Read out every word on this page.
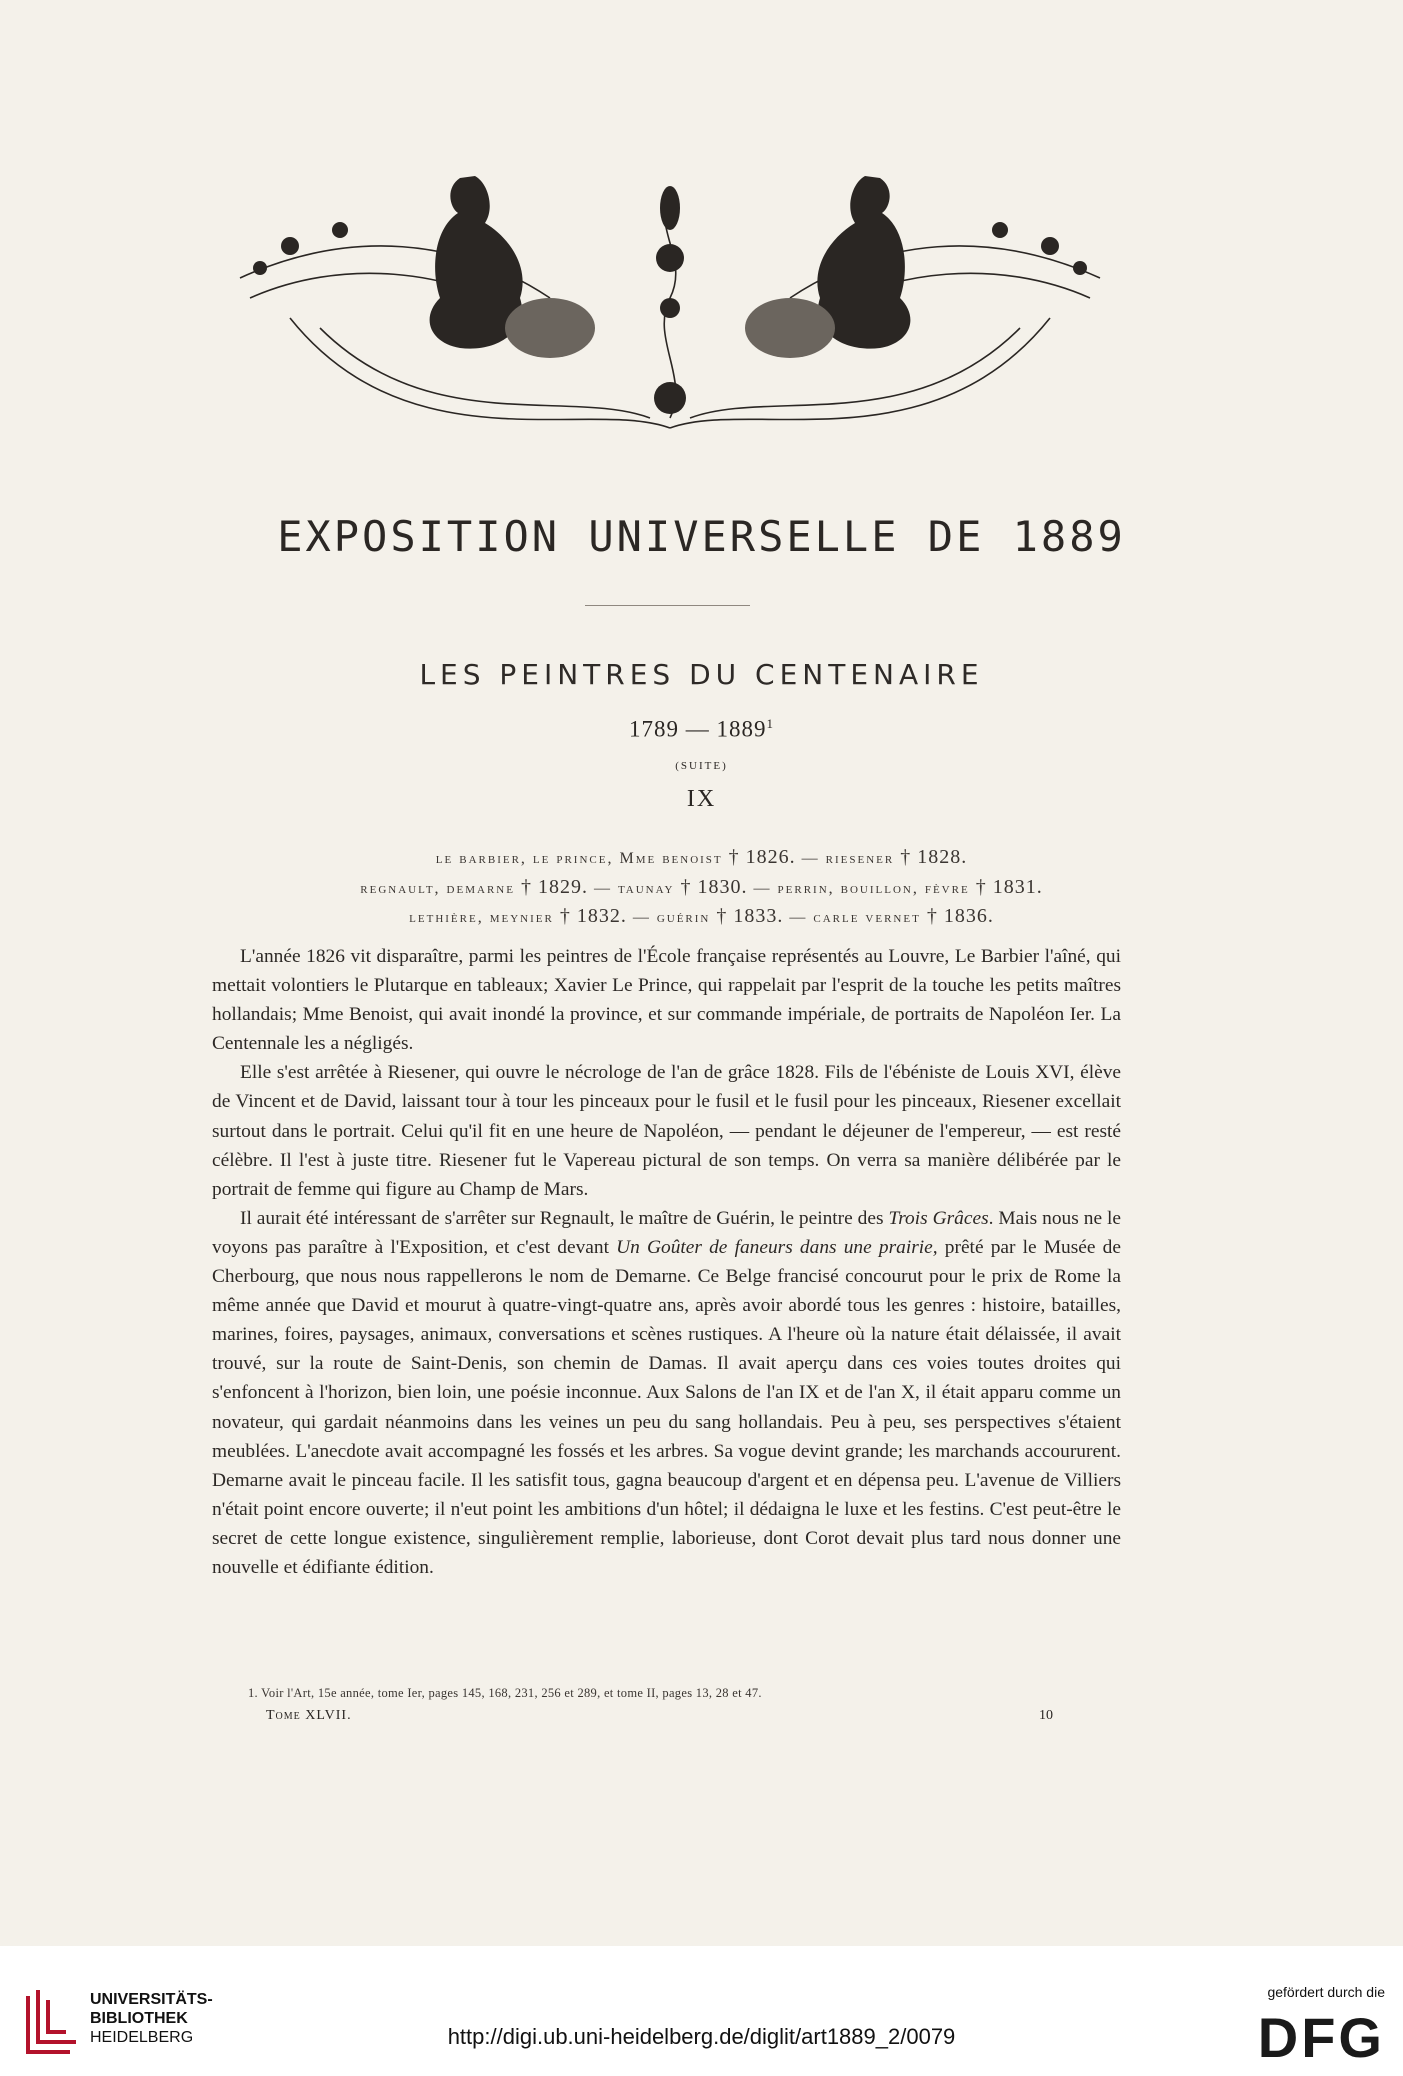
EXPOSITION UNIVERSELLE DE 1889
LES PEINTRES DU CENTENAIRE
1789 — 1889$^1$
(SUITE)
IX
le barbier, le prince, Mme benoist † 1826. — riesener † 1828.
regnault, demarne † 1829. — taunay † 1830. — perrin, bouillon, fèvre † 1831.
lethière, meynier † 1832. — guérin † 1833. — carle vernet † 1836.

L'année 1826 vit disparaître, parmi les peintres de l'École française représentés au Louvre, Le Barbier l'aîné, qui mettait volontiers le Plutarque en tableaux; Xavier Le Prince, qui rappelait par l'esprit de la touche les petits maîtres hollandais; Mme Benoist, qui avait inondé la province, et sur commande impériale, de portraits de Napoléon Ier. La Centennale les a négligés.

Elle s'est arrêtée à Riesener, qui ouvre le nécrologe de l'an de grâce 1828. Fils de l'ébéniste de Louis XVI, élève de Vincent et de David, laissant tour à tour les pinceaux pour le fusil et le fusil pour les pinceaux, Riesener excellait surtout dans le portrait. Celui qu'il fit en une heure de Napoléon, — pendant le déjeuner de l'empereur, — est resté célèbre. Il l'est à juste titre. Riesener fut le Vapereau pictural de son temps. On verra sa manière délibérée par le portrait de femme qui figure au Champ de Mars.

Il aurait été intéressant de s'arrêter sur Regnault, le maître de Guérin, le peintre des Trois Grâces. Mais nous ne le voyons pas paraître à l'Exposition, et c'est devant Un Goûter de faneurs dans une prairie, prêté par le Musée de Cherbourg, que nous nous rappellerons le nom de Demarne. Ce Belge francisé concourut pour le prix de Rome la même année que David et mourut à quatre-vingt-quatre ans, après avoir abordé tous les genres : histoire, batailles, marines, foires, paysages, animaux, conversations et scènes rustiques. A l'heure où la nature était délaissée, il avait trouvé, sur la route de Saint-Denis, son chemin de Damas. Il avait aperçu dans ces voies toutes droites qui s'enfoncent à l'horizon, bien loin, une poésie inconnue. Aux Salons de l'an IX et de l'an X, il était apparu comme un novateur, qui gardait néanmoins dans les veines un peu du sang hollandais. Peu à peu, ses perspectives s'étaient meublées. L'anecdote avait accompagné les fossés et les arbres. Sa vogue devint grande; les marchands accoururent. Demarne avait le pinceau facile. Il les satisfit tous, gagna beaucoup d'argent et en dépensa peu. L'avenue de Villiers n'était point encore ouverte; il n'eut point les ambitions d'un hôtel; il dédaigna le luxe et les festins. C'est peut-être le secret de cette longue existence, singulièrement remplie, laborieuse, dont Corot devait plus tard nous donner une nouvelle et édifiante édition.

1. Voir l'Art, 15e année, tome Ier, pages 145, 168, 231, 256 et 289, et tome II, pages 13, 28 et 47.
Tome XLVII.	10
UNIVERSITÄTS-
BIBLIOTHEK
HEIDELBERG	http://digi.ub.uni-heidelberg.de/diglit/art1889_2/0079
gefördert durch die
DFG
